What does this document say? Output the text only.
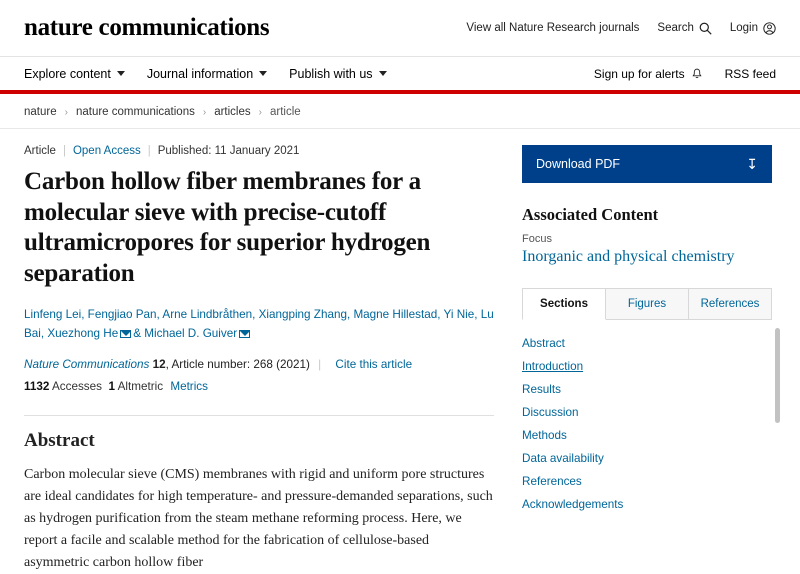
nature communications	View all Nature Research journals Search	Login
Explore content	Journal information	Publish with us	Sign up for alerts	RSS feed
nature › nature communications › articles › article
Article | Open Access | Published: 11 January 2021
Carbon hollow fiber membranes for a molecular sieve with precise-cutoff ultramicropores for superior hydrogen separation
Linfeng Lei, Fengjiao Pan, Arne Lindbråthen, Xiangping Zhang, Magne Hillestad, Yi Nie, Lu Bai, Xuezhong He & Michael D. Guiver
Nature Communications 12, Article number: 268 (2021) | Cite this article
1132 Accesses 1 Altmetric Metrics
Abstract

Carbon molecular sieve (CMS) membranes with rigid and uniform pore structures are ideal candidates for high temperature- and pressure-demanded separations, such as hydrogen purification from the steam methane reforming process. Here, we report a facile and scalable method for the fabrication of cellulose-based asymmetric carbon hollow fiber

Download PDF	↧
Associated Content
Focus
Inorganic and physical chemistry
Sections	Figures	References
Abstract
Introduction
Results
Discussion
Methods
Data availability
References
Acknowledgements
